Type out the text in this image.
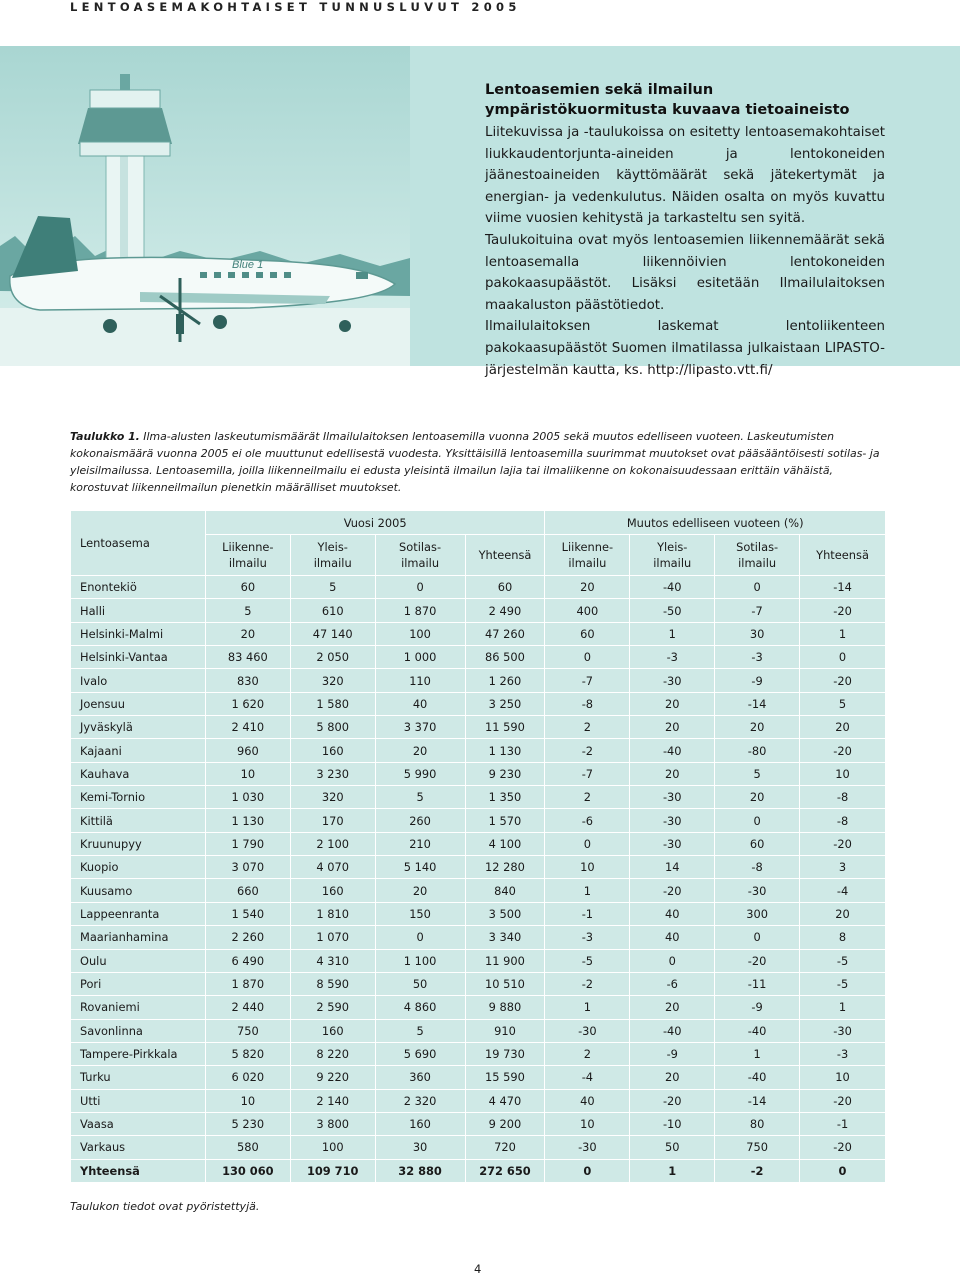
LENTOASEMAKOHTAISET TUNNUSLUVUT 2005
Blue 1
Lentoasemien sekä ilmailun ympäristökuormitusta kuvaava tietoaineisto

Liitekuvissa ja -taulukoissa on esitetty lentoasemakohtaiset liukkaudentorjunta-aineiden ja lentokoneiden jäänestoaineiden käyttömäärät sekä jätekertymät ja energian- ja vedenkulutus. Näiden osalta on myös kuvattu viime vuosien kehitystä ja tarkasteltu sen syitä.

Taulukoituina ovat myös lentoasemien liikennemäärät sekä lentoasemalla liikennöivien lentokoneiden pakokaasupäästöt. Lisäksi esitetään Ilmailulaitoksen maakaluston päästötiedot.

Ilmailulaitoksen laskemat lentoliikenteen pakokaasupäästöt Suomen ilmatilassa julkaistaan LIPASTO-järjestelmän kautta, ks. http://lipasto.vtt.fi/

Taulukko 1. Ilma-alusten laskeutumismäärät Ilmailulaitoksen lentoasemilla vuonna 2005 sekä muutos edelliseen vuoteen. Laskeutumisten kokonaismäärä vuonna 2005 ei ole muuttunut edellisestä vuodesta. Yksittäisillä lentoasemilla suurimmat muutokset ovat pääsääntöisesti sotilas- ja yleisilmailussa. Lentoasemilla, joilla liikenneilmailu ei edusta yleisintä ilmailun lajia tai ilmaliikenne on kokonaisuudessaan erittäin vähäistä, korostuvat liikenneilmailun pienetkin määrälliset muutokset.
Lentoasema	Vuosi 2005				Muutos edelliseen vuoteen (%)			

	Liikenne-
ilmailu	Yleis-
ilmailu	Sotilas-
ilmailu	Yhteensä	Liikenne-
ilmailu	Yleis-
ilmailu	Sotilas-
ilmailu	Yhteensä

Enontekiö	60	5	0	60	20	-40	0	-14
Halli	5	610	1 870	2 490	400	-50	-7	-20
Helsinki-Malmi	20	47 140	100	47 260	60	1	30	1
Helsinki-Vantaa	83 460	2 050	1 000	86 500	0	-3	-3	0
Ivalo	830	320	110	1 260	-7	-30	-9	-20
Joensuu	1 620	1 580	40	3 250	-8	20	-14	5
Jyväskylä	2 410	5 800	3 370	11 590	2	20	20	20
Kajaani	960	160	20	1 130	-2	-40	-80	-20
Kauhava	10	3 230	5 990	9 230	-7	20	5	10
Kemi-Tornio	1 030	320	5	1 350	2	-30	20	-8
Kittilä	1 130	170	260	1 570	-6	-30	0	-8
Kruunupyy	1 790	2 100	210	4 100	0	-30	60	-20
Kuopio	3 070	4 070	5 140	12 280	10	14	-8	3
Kuusamo	660	160	20	840	1	-20	-30	-4
Lappeenranta	1 540	1 810	150	3 500	-1	40	300	20
Maarianhamina	2 260	1 070	0	3 340	-3	40	0	8
Oulu	6 490	4 310	1 100	11 900	-5	0	-20	-5
Pori	1 870	8 590	50	10 510	-2	-6	-11	-5
Rovaniemi	2 440	2 590	4 860	9 880	1	20	-9	1
Savonlinna	750	160	5	910	-30	-40	-40	-30
Tampere-Pirkkala	5 820	8 220	5 690	19 730	2	-9	1	-3
Turku	6 020	9 220	360	15 590	-4	20	-40	10
Utti	10	2 140	2 320	4 470	40	-20	-14	-20
Vaasa	5 230	3 800	160	9 200	10	-10	80	-1
Varkaus	580	100	30	720	-30	50	750	-20
Yhteensä	130 060	109 710	32 880	272 650	0	1	-2	0
Taulukon tiedot ovat pyöristettyjä.
4
